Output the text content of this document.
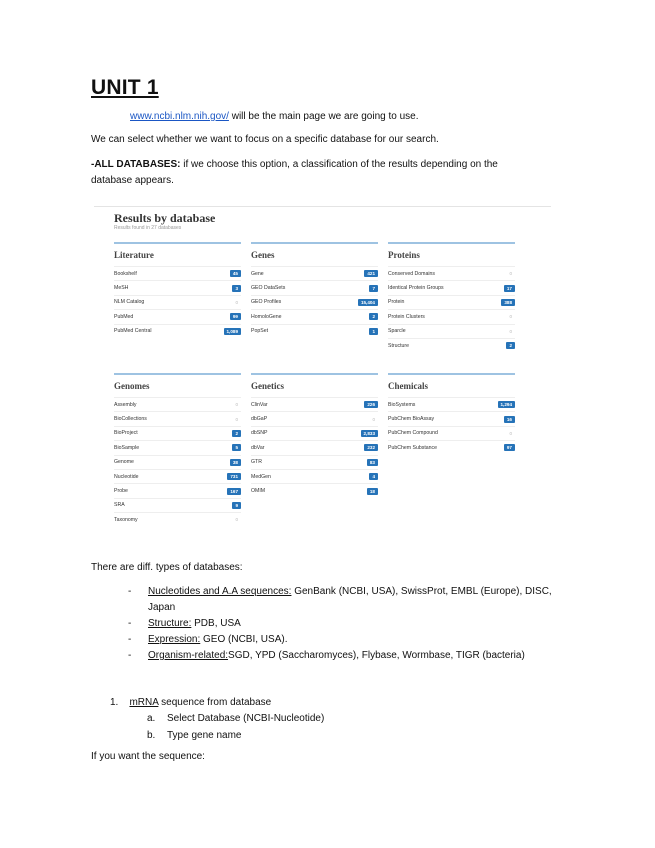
UNIT 1
www.ncbi.nlm.nih.gov/ will be the main page we are going to use.
We can select whether we want to focus on a specific database for our search.
-ALL DATABASES: if we choose this option, a classification of the results depending on the database appears.
Results by database
Results found in 27 databases
Literature
Bookshelf	45
MeSH	3
NLM Catalog	0
PubMed	99
PubMed Central	1,089
Genes
Gene	421
GEO DataSets	7
GEO Profiles	15,404
HomoloGene	2
PopSet	1
Proteins
Conserved Domains	0
Identical Protein Groups	17
Protein	388
Protein Clusters	0
Sparcle	0
Structure	2
Genomes
Assembly	0
BioCollections	0
BioProject	2
BioSample	5
Genome	38
Nucleotide	731
Probe	167
SRA	9
Taxonomy	0
Genetics
ClinVar	226
dbGaP	0
dbSNP	2,833
dbVar	232
GTR	83
MedGen	4
OMIM	18
Chemicals
BioSystems	1,294
PubChem BioAssay	16
PubChem Compound	0
PubChem Substance	97
There are diff. types of databases:
- Nucleotides and A.A sequences: GenBank (NCBI, USA), SwissProt, EMBL (Europe), DISC, Japan
- Structure: PDB, USA
- Expression: GEO (NCBI, USA).
- Organism-related:SGD, YPD (Saccharomyces), Flybase, Wormbase, TIGR (bacteria)
1. mRNA sequence from database
a. Select Database (NCBI-Nucleotide)
b. Type gene name
If you want the sequence:
